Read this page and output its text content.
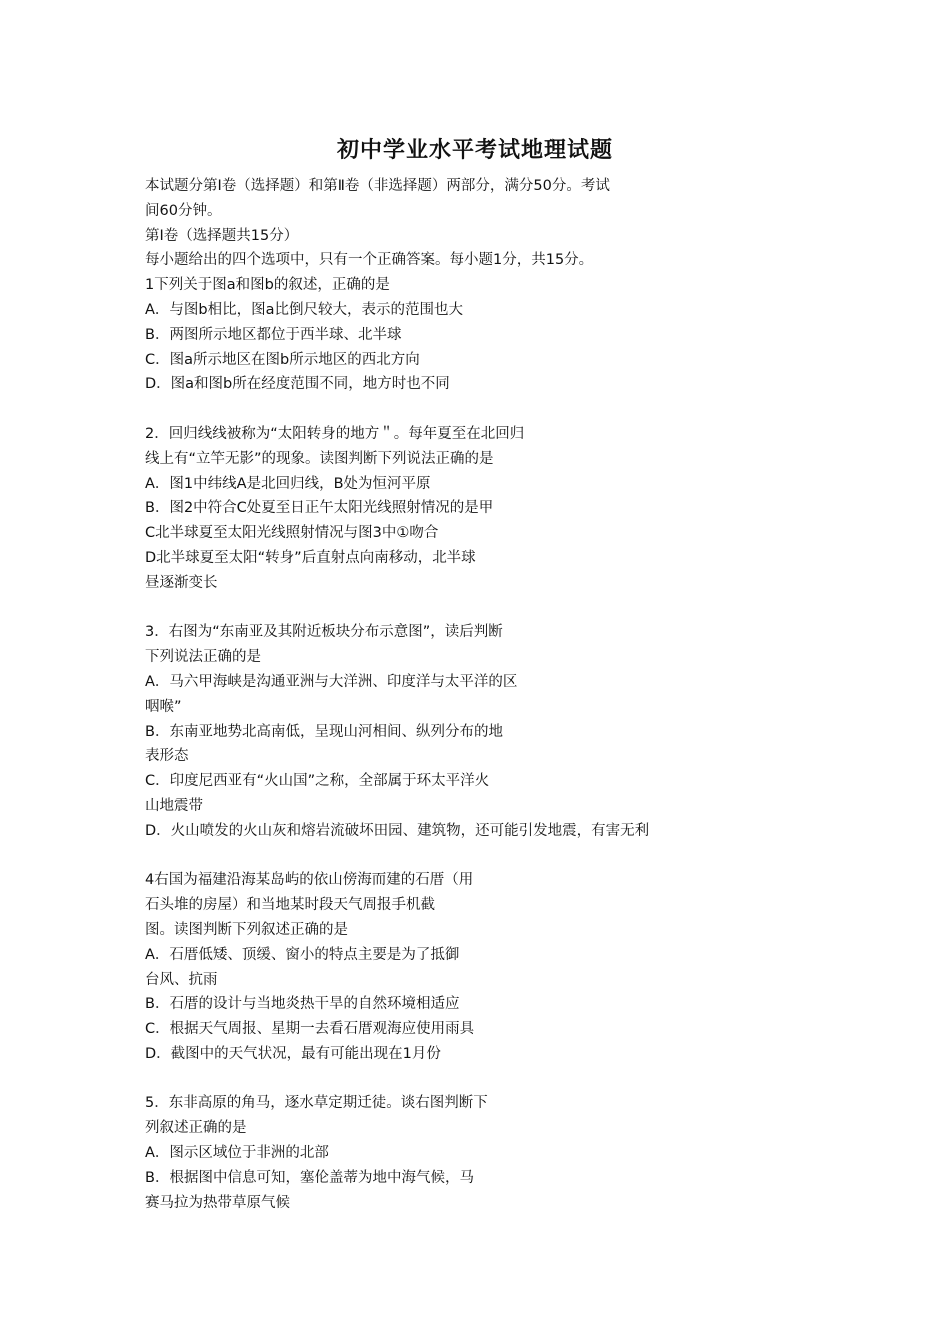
初中学业水平考试地理试题
本试题分第Ⅰ卷（选择题）和第Ⅱ卷（非选择题）两部分，满分50分。考试
间60分钟。
第Ⅰ卷（选择题共15分）
每小题给出的四个选项中，只有一个正确答案。每小题1分，共15分。
1下列关于图a和图b的叙述，正确的是
A．与图b相比，图a比倒尺较大，表示的范围也大
B．两图所示地区都位于西半球、北半球
C．图a所示地区在图b所示地区的西北方向
D．图a和图b所在经度范围不同，地方时也不同
2．回归线线被称为“太阳转身的地方＂。每年夏至在北回归
线上有“立竿无影”的现象。读图判断下列说法正确的是
A．图1中纬线A是北回归线，B处为恒河平原
B．图2中符合C处夏至日正午太阳光线照射情况的是甲
C北半球夏至太阳光线照射情况与图3中①吻合
D北半球夏至太阳“转身”后直射点向南移动，北半球
昼逐渐变长
3．右图为“东南亚及其附近板块分布示意图”，读后判断
下列说法正确的是
A．马六甲海峡是沟通亚洲与大洋洲、印度洋与太平洋的区
咽喉”
B．东南亚地势北高南低，呈现山河相间、纵列分布的地
表形态
C．印度尼西亚有“火山国”之称，全部属于环太平洋火
山地震带
D．火山喷发的火山灰和熔岩流破坏田园、建筑物，还可能引发地震，有害无利
4右国为福建沿海某岛屿的依山傍海而建的石厝（用
石头堆的房屋）和当地某时段天气周报手机截
图。读图判断下列叙述正确的是
A．石厝低矮、顶缓、窗小的特点主要是为了抵御
台风、抗雨
B．石厝的设计与当地炎热干旱的自然环境相适应
C．根据天气周报、星期一去看石厝观海应使用雨具
D．截图中的天气状况，最有可能出现在1月份
5．东非高原的角马，逐水草定期迁徒。谈右图判断下
列叙述正确的是
A．图示区域位于非洲的北部
B．根据图中信息可知，塞伦盖蒂为地中海气候，马
赛马拉为热带草原气候
